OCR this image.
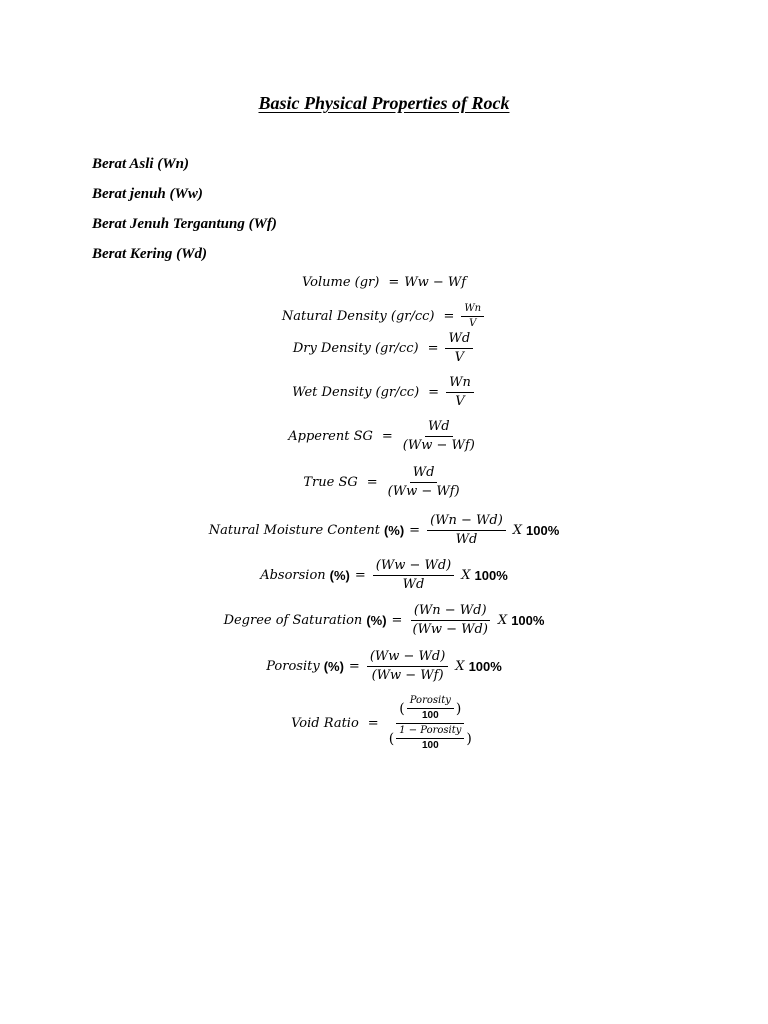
Basic Physical Properties of Rock
Berat Asli (Wn)
Berat jenuh (Ww)
Berat Jenuh Tergantung (Wf)
Berat Kering (Wd)
Volume (gr) = Ww − Wf
Natural Density $(gr/cc) = \frac{Wn}{V}$
Dry Density $(gr/cc) = \frac{Wd}{V}$
Wet Density $(gr/cc) = \frac{Wn}{V}$
Apperent SG = $\frac{Wd}{(Ww - Wf)}$
True SG = $\frac{Wd}{(Ww - Wf)}$
Natural Moisture Content (%) = $\frac{(Wn - Wd)}{Wd}$ X 100%
Absorsion (%) = $\frac{(Ww - Wd)}{Wd}$ X 100%
Degree of Saturation (%) = $\frac{(Wn - Wd)}{(Ww - Wd)}$ X 100%
Porosity (%) = $\frac{(Ww - Wd)}{(Ww - Wf)}$ X 100%
Void Ratio =
( $\frac{\text{Porosity}}{100}$ )
( $\frac{\text{1 − Porosity}}{100}$ )
